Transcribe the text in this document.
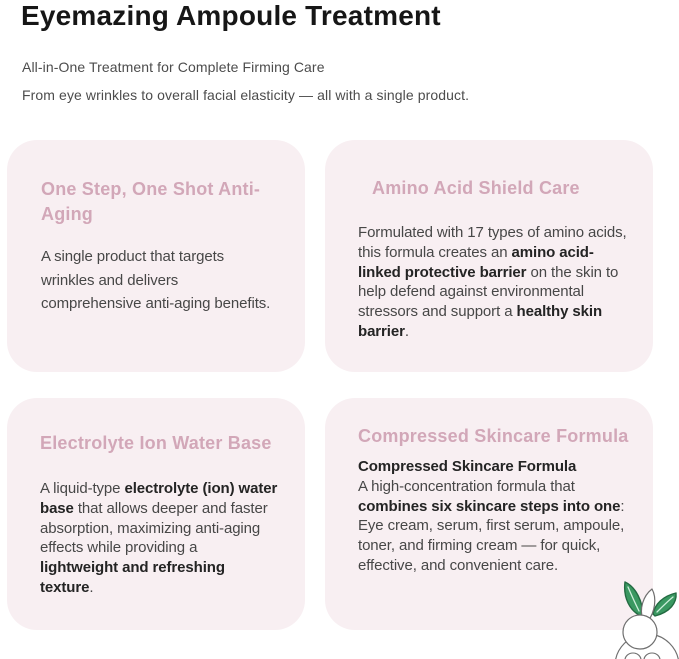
Eyemazing Ampoule Treatment

All-in-One Treatment for Complete Firming Care

From eye wrinkles to overall facial elasticity — all with a single product.

One Step, One Shot Anti-Aging
A single product that targets wrinkles and delivers comprehensive anti-aging benefits.
Amino Acid Shield Care
Formulated with 17 types of amino acids, this formula creates an amino acid-linked protective barrier on the skin to help defend against environmental stressors and support a healthy skin barrier.
Electrolyte Ion Water Base
A liquid-type electrolyte (ion) water base that allows deeper and faster absorption, maximizing anti-aging effects while providing a lightweight and refreshing texture.
Compressed Skincare Formula
Compressed Skincare Formula
A high-concentration formula that combines six skincare steps into one:
Eye cream, serum, first serum, ampoule, toner, and firming cream — for quick, effective, and convenient care.
